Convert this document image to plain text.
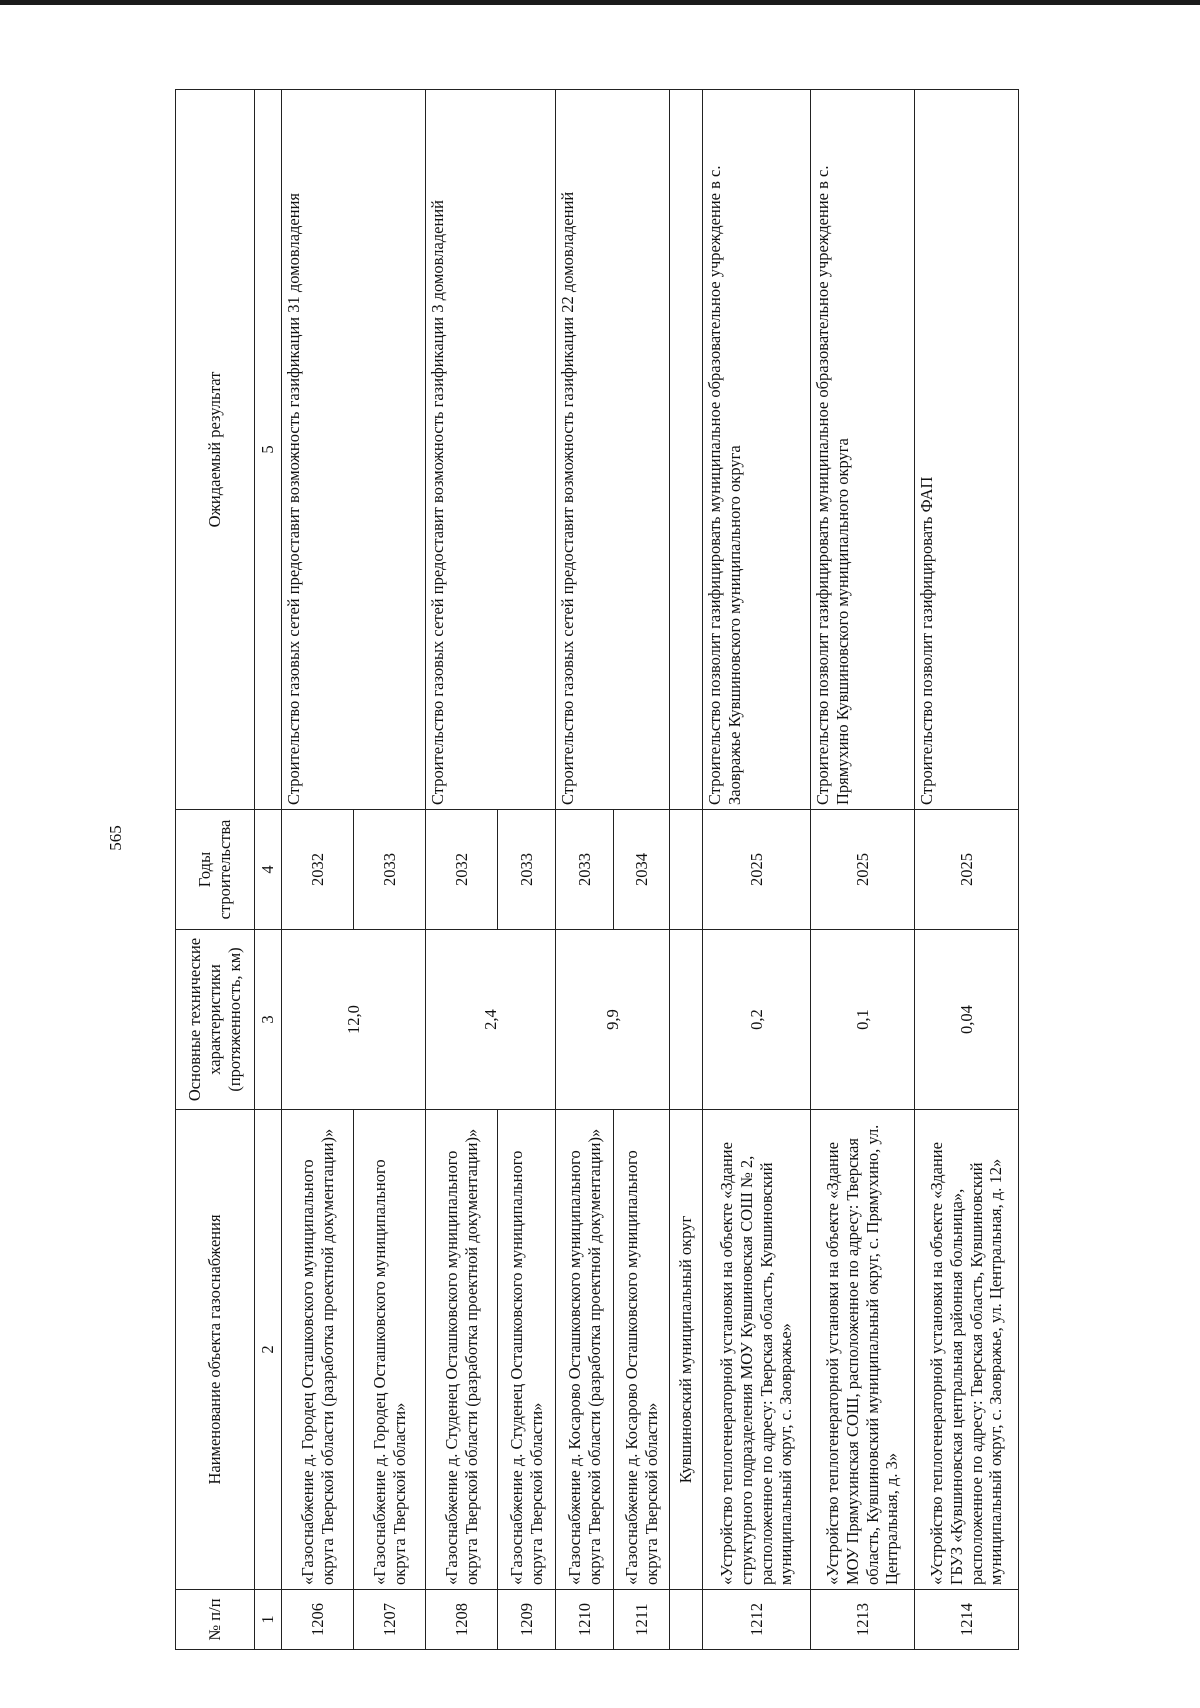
565
№ п/п	Наименование объекта газоснабжения	Основные технические характеристики (протяженность, км)	Годы строительства	Ожидаемый результат
1	2	3	4	5
1206	«Газоснабжение д. Городец Осташковского муниципального округа Тверской области (разработка проектной документации)»	12,0	2032	Строительство газовых сетей предоставит возможность газификации 31 домовладения
1207	«Газоснабжение д. Городец Осташковского муниципального округа Тверской области»		2033	
1208	«Газоснабжение д. Студенец Осташковского муниципального округа Тверской области (разработка проектной документации)»	2,4	2032	Строительство газовых сетей предоставит возможность газификации 3 домовладений
1209	«Газоснабжение д. Студенец Осташковского муниципального округа Тверской области»		2033	
1210	«Газоснабжение д. Косарово Осташковского муниципального округа Тверской области (разработка проектной документации)»	9,9	2033	Строительство газовых сетей предоставит возможность газификации 22 домовладений
1211	«Газоснабжение д. Косарово Осташковского муниципального округа Тверской области»		2034	
	Кувшиновский муниципальный округ			
1212	«Устройство теплогенераторной установки на объекте «Здание структурного подразделения МОУ Кувшиновская СОШ № 2, расположенное по адресу: Тверская область, Кувшиновский муниципальный округ, с. Заовражье»	0,2	2025	Строительство позволит газифицировать муниципальное образовательное учреждение в с. Заовражье Кувшиновского муниципального округа
1213	«Устройство теплогенераторной установки на объекте «Здание МОУ Прямухинская СОШ, расположенное по адресу: Тверская область, Кувшиновский муниципальный округ, с. Прямухино, ул. Центральная, д. 3»	0,1	2025	Строительство позволит газифицировать муниципальное образовательное учреждение в с. Прямухино Кувшиновского муниципального округа
1214	«Устройство теплогенераторной установки на объекте «Здание ГБУЗ «Кувшиновская центральная районная больница», расположенное по адресу: Тверская область, Кувшиновский муниципальный округ, с. Заовражье, ул. Центральная, д. 12»	0,04	2025	Строительство позволит газифицировать ФАП
